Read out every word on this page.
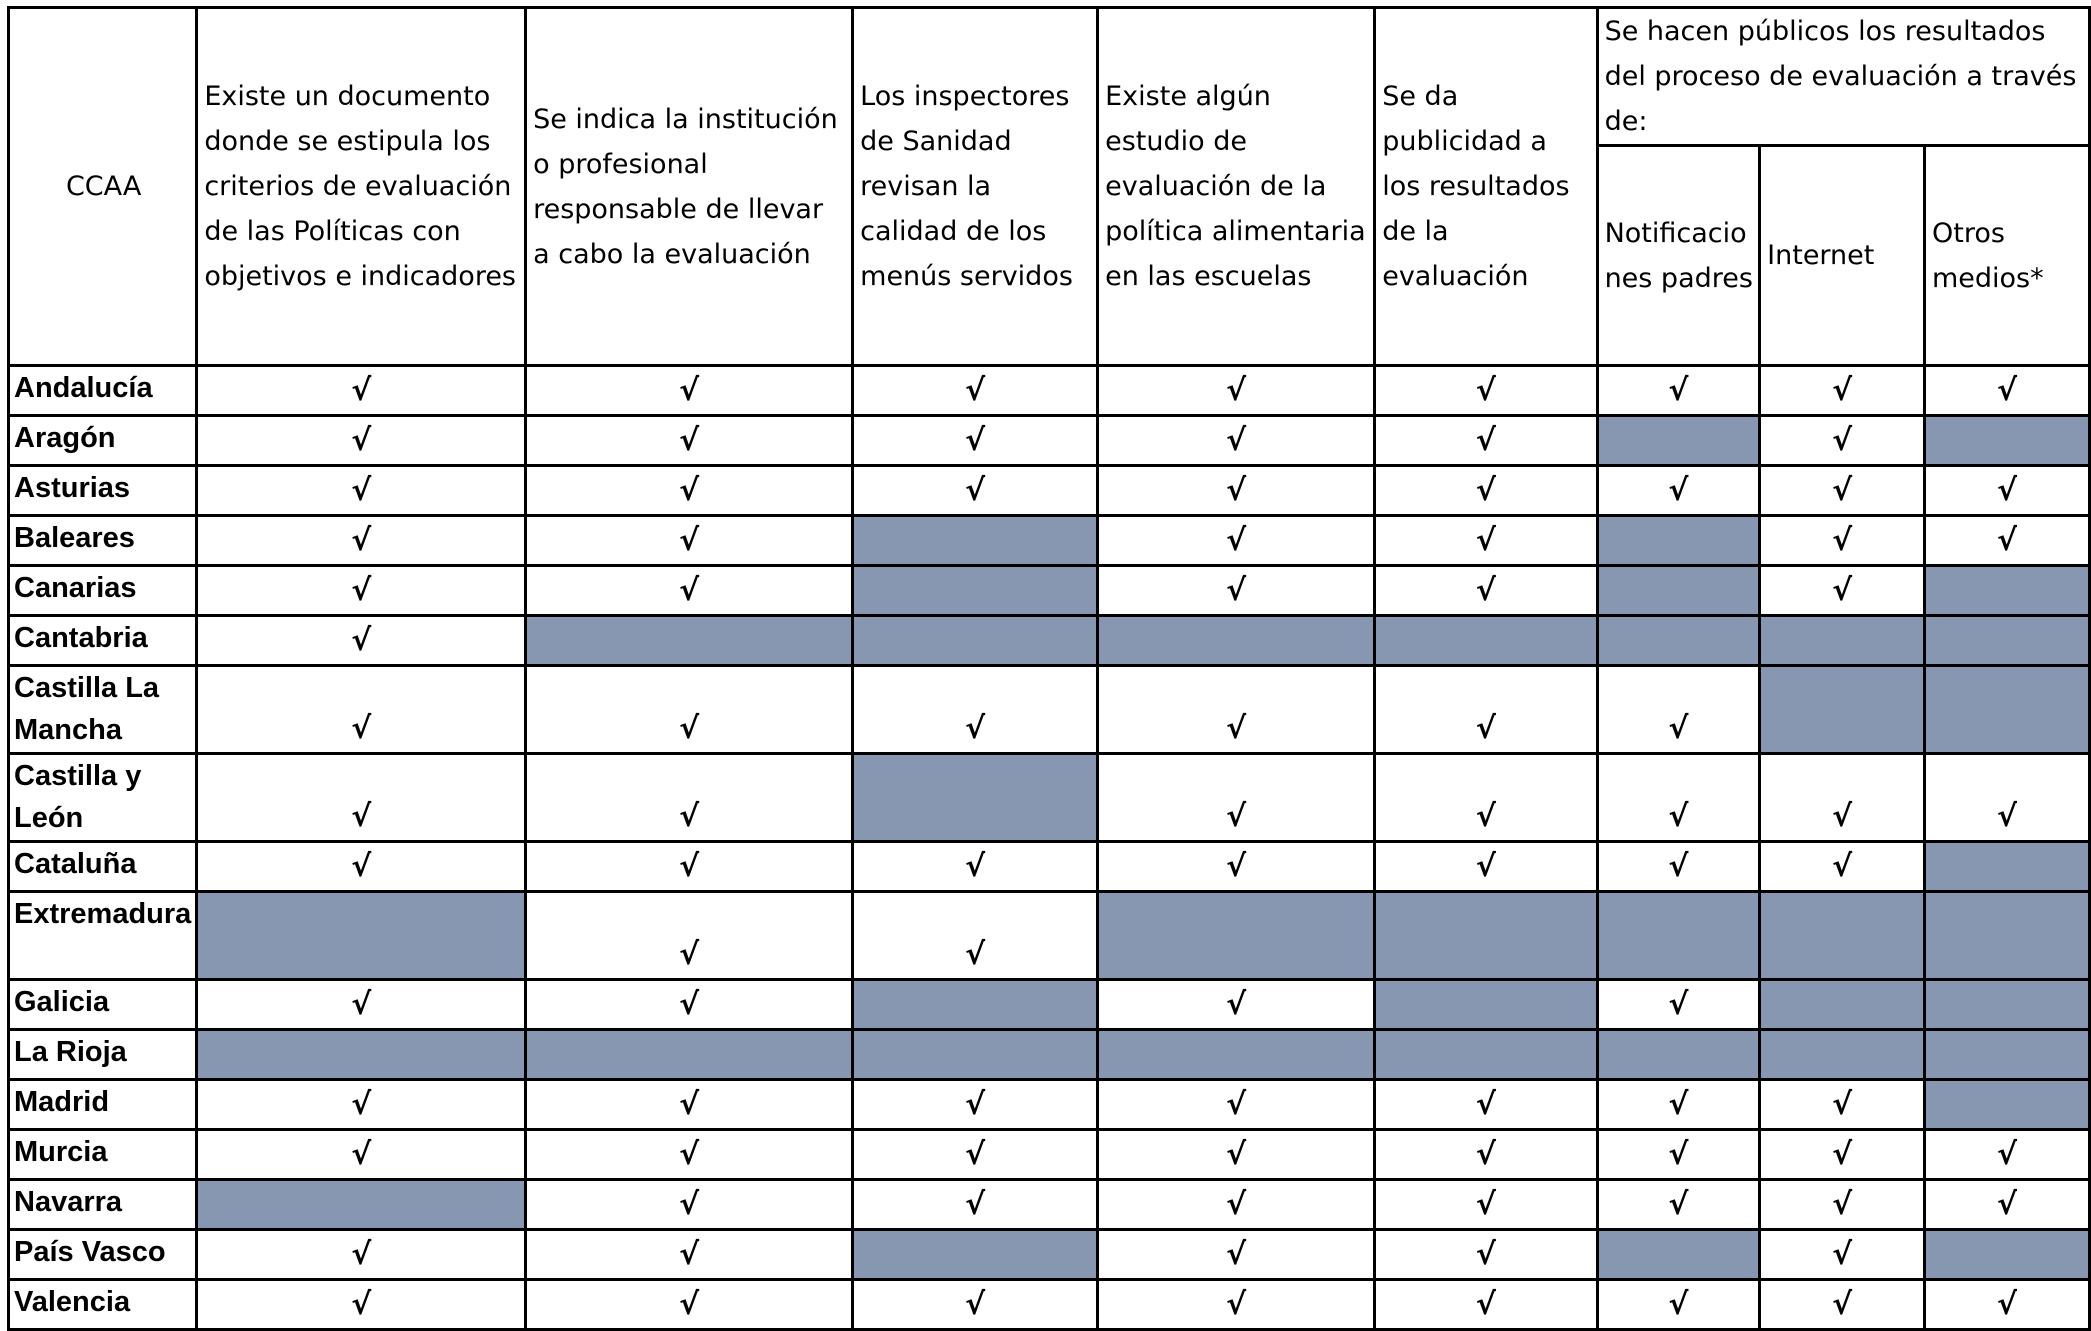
CCAA	Existe un documento donde se estipula los criterios de evaluación de las Políticas con objetivos e indicadores	Se indica la institución o profesional responsable de llevar a cabo la evaluación	Los inspectores de Sanidad revisan la calidad de los menús servidos	Existe algún estudio de evaluación de la política alimentaria en las escuelas	Se da publicidad a los resultados de la evaluación	Se hacen públicos los resultados del proceso de evaluación a través de:		
						Notificaciones padres	Internet	Otros medios*
Andalucía	√	√	√	√	√	√	√	√
Aragón	√	√	√	√	√		√	
Asturias	√	√	√	√	√	√	√	√
Baleares	√	√		√	√		√	√
Canarias	√	√		√	√		√	
Cantabria	√							
Castilla La Mancha	√	√	√	√	√	√		
Castilla y León	√	√		√	√	√	√	√
Cataluña	√	√	√	√	√	√	√	
Extremadura		√	√					
Galicia	√	√		√		√		
La Rioja								
Madrid	√	√	√	√	√	√	√	
Murcia	√	√	√	√	√	√	√	√
Navarra		√	√	√	√	√	√	√
País Vasco	√	√		√	√		√	
Valencia	√	√	√	√	√	√	√	√
